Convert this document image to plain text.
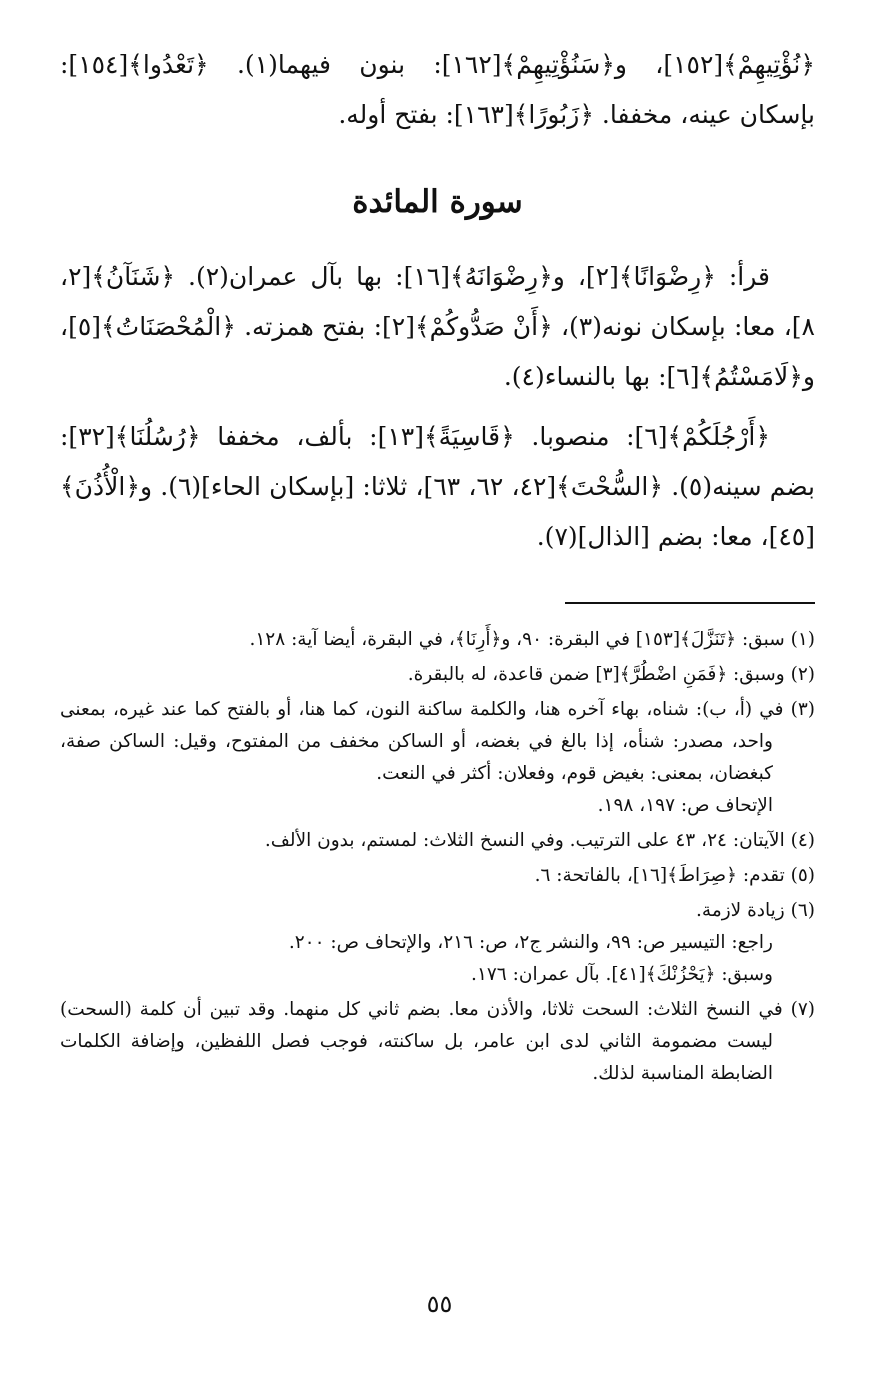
﴿نُؤْتِيهِمْ﴾[١٥٢]، و﴿سَنُؤْتِيهِمْ﴾[١٦٢]: بنون فيهما(١). ﴿تَعْدُوا﴾[١٥٤]: بإسكان عينه، مخففا. ﴿زَبُورًا﴾[١٦٣]: بفتح أوله.

سورة المائدة

قرأ: ﴿رِضْوَانًا﴾[٢]، و﴿رِضْوَانَهُ﴾[١٦]: بها بآل عمران(٢). ﴿شَنَآنُ﴾[٢، ٨]، معا: بإسكان نونه(٣)، ﴿أَنْ صَدُّوكُمْ﴾[٢]: بفتح همزته. ﴿الْمُحْصَنَاتُ﴾[٥]، و﴿لَامَسْتُمُ﴾[٦]: بها بالنساء(٤).

﴿أَرْجُلَكُمْ﴾[٦]: منصوبا. ﴿قَاسِيَةً﴾[١٣]: بألف، مخففا ﴿رُسُلُنَا﴾[٣٢]: بضم سينه(٥). ﴿السُّحْتَ﴾[٤٢، ٦٢، ٦٣]، ثلاثا: [بإسكان الحاء](٦). و﴿الْأُذُنَ﴾[٤٥]، معا: بضم [الذال](٧).

(١) سبق: ﴿تَنَزَّلَ﴾[١٥٣] في البقرة: ٩٠، و﴿أَرِنَا﴾، في البقرة، أيضا آية: ١٢٨.

(٢) وسبق: ﴿فَمَنِ اضْطُرَّ﴾[٣] ضمن قاعدة، له بالبقرة.

(٣) في (أ، ب): شناه، بهاء آخره هنا، والكلمة ساكنة النون، كما هنا، أو بالفتح كما عند غيره، بمعنى واحد، مصدر: شنأه، إذا بالغ في بغضه، أو الساكن مخفف من المفتوح، وقيل: الساكن صفة، كبغضان، بمعنى: بغيض قوم، وفعلان: أكثر في النعت.

الإتحاف ص: ١٩٧، ١٩٨.

(٤) الآيتان: ٢٤، ٤٣ على الترتيب. وفي النسخ الثلاث: لمستم، بدون الألف.

(٥) تقدم: ﴿صِرَاطَ﴾[١٦]، بالفاتحة: ٦.

(٦) زيادة لازمة.

راجع: التيسير ص: ٩٩، والنشر ج٢، ص: ٢١٦، والإتحاف ص: ٢٠٠.

وسبق: ﴿يَحْزُنْكَ﴾[٤١]. بآل عمران: ١٧٦.

(٧) في النسخ الثلاث: السحت ثلاثا، والأذن معا. بضم ثاني كل منهما. وقد تبين أن كلمة (السحت) ليست مضمومة الثاني لدى ابن عامر، بل ساكنته، فوجب فصل اللفظين، وإضافة الكلمات الضابطة المناسبة لذلك.

٥٥
